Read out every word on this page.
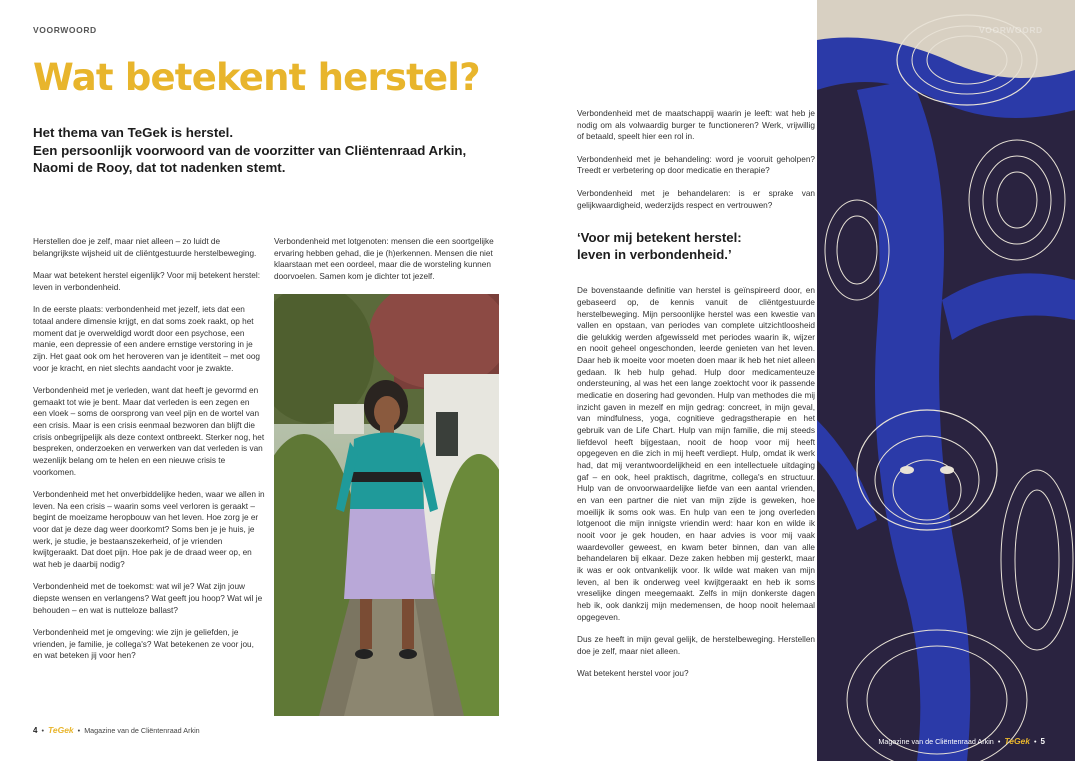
VOORWOORD
Wat betekent herstel?
Het thema van TeGek is herstel.
Een persoonlijk voorwoord van de voorzitter van Cliëntenraad Arkin,
Naomi de Rooy, dat tot nadenken stemt.

Herstellen doe je zelf, maar niet alleen – zo luidt de belangrijkste wijsheid uit de cliëntgestuurde herstelbeweging.

Maar wat betekent herstel eigenlijk? Voor mij betekent herstel: leven in verbondenheid.

In de eerste plaats: verbondenheid met jezelf, iets dat een totaal andere dimensie krijgt, en dat soms zoek raakt, op het moment dat je overweldigd wordt door een psychose, een manie, een depressie of een andere ernstige verstoring in je zijn. Het gaat ook om het heroveren van je identiteit – met oog voor je kracht, en niet slechts aandacht voor je zwakte.

Verbondenheid met je verleden, want dat heeft je gevormd en gemaakt tot wie je bent. Maar dat verleden is een zegen en een vloek – soms de oorsprong van veel pijn en de wortel van een crisis. Maar is een crisis eenmaal bezworen dan blijft die crisis onbegrijpelijk als deze context ontbreekt. Sterker nog, het bespreken, onderzoeken en verwerken van dat verleden is van wezenlijk belang om te helen en een nieuwe crisis te voorkomen.

Verbondenheid met het onverbiddelijke heden, waar we allen in leven. Na een crisis – waarin soms veel verloren is geraakt – begint de moeizame heropbouw van het leven. Hoe zorg je er voor dat je deze dag weer doorkomt? Soms ben je je huis, je werk, je studie, je bestaanszekerheid, of je vrienden kwijtgeraakt. Dat doet pijn. Hoe pak je de draad weer op, en wat heb je daarbij nodig?

Verbondenheid met de toekomst: wat wil je? Wat zijn jouw diepste wensen en verlangens? Wat geeft jou hoop? Wat wil je behouden – en wat is nutteloze ballast?

Verbondenheid met je omgeving: wie zijn je geliefden, je vrienden, je familie, je collega's? Wat betekenen ze voor jou, en wat beteken jij voor hen?

Verbondenheid met lotgenoten: mensen die een soortgelijke ervaring hebben gehad, die je (h)erkennen. Mensen die niet klaarstaan met een oordeel, maar die de worsteling kunnen doorvoelen. Samen kom je dichter tot jezelf.

4 • TeGek • Magazine van de Cliëntenraad Arkin

Verbondenheid met de maatschappij waarin je leeft: wat heb je nodig om als volwaardig burger te functioneren? Werk, vrijwillig of betaald, speelt hier een rol in.

Verbondenheid met je behandeling: word je vooruit geholpen? Treedt er verbetering op door medicatie en therapie?

Verbondenheid met je behandelaren: is er sprake van gelijkwaardigheid, wederzijds respect en vertrouwen?

‘Voor mij betekent herstel:
leven in verbondenheid.’

De bovenstaande definitie van herstel is geïnspireerd door, en gebaseerd op, de kennis vanuit de cliëntgestuurde herstelbeweging. Mijn persoonlijke herstel was een kwestie van vallen en opstaan, van periodes van complete uitzichtloosheid die gelukkig werden afgewisseld met periodes waarin ik, wijzer en nooit geheel ongeschonden, leerde genieten van het leven. Daar heb ik moeite voor moeten doen maar ik heb het niet alleen gedaan. Ik heb hulp gehad. Hulp door medicamenteuze ondersteuning, al was het een lange zoektocht voor ik passende medicatie en dosering had gevonden. Hulp van methodes die mij inzicht gaven in mezelf en mijn gedrag: concreet, in mijn geval, van mindfulness, yoga, cognitieve gedragstherapie en het gebruik van de Life Chart. Hulp van mijn familie, die mij steeds liefdevol heeft bijgestaan, nooit de hoop voor mij heeft opgegeven en die zich in mij heeft verdiept. Hulp, omdat ik werk had, dat mij verantwoordelijkheid en een intellectuele uitdaging gaf – en ook, heel praktisch, dagritme, collega's en structuur. Hulp van de onvoorwaardelijke liefde van een aantal vrienden, en van een partner die niet van mijn zijde is geweken, hoe moeilijk ik soms ook was. En hulp van een te jong overleden lotgenoot die mijn innigste vriendin werd: haar kon en wilde ik nooit voor je gek houden, en haar advies is voor mij vaak waardevoller geweest, en kwam beter binnen, dan van alle behandelaren bij elkaar. Deze zaken hebben mij gesterkt, maar ik was er ook ontvankelijk voor. Ik wilde wat maken van mijn leven, al ben ik onderweg veel kwijtgeraakt en heb ik soms vreselijke dingen meegemaakt. Zelfs in mijn donkerste dagen heb ik, ook dankzij mijn medemensen, de hoop nooit helemaal opgegeven.

Dus ze heeft in mijn geval gelijk, de herstelbeweging. Herstellen doe je zelf, maar niet alleen.

Wat betekent herstel voor jou?

VOORWOORD
Magazine van de Cliëntenraad Arkin • TeGek • 5
